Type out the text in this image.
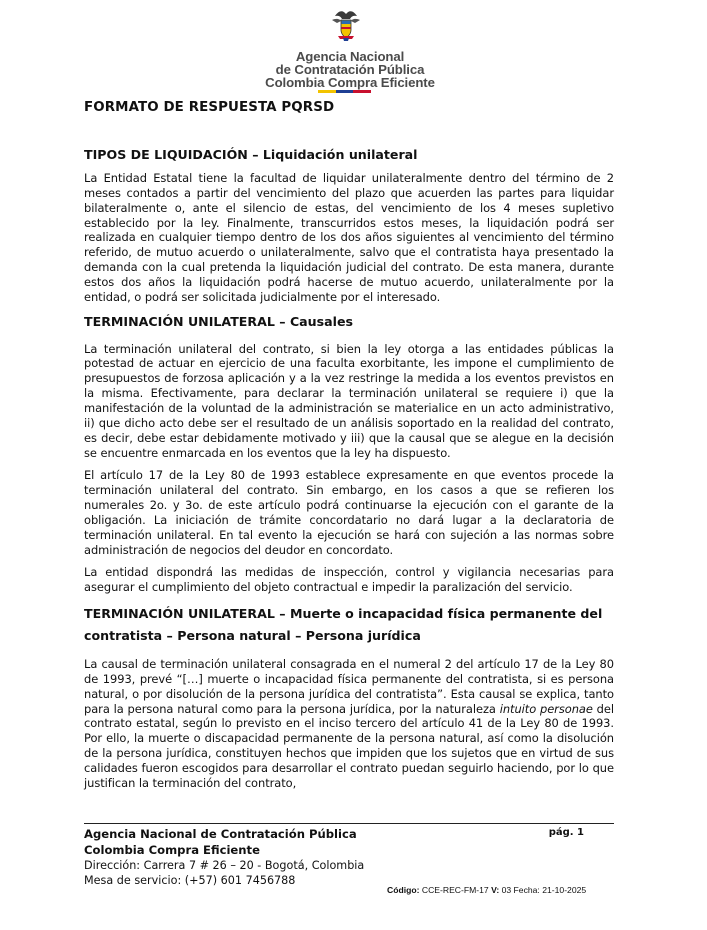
Agencia Nacional
de Contratación Pública
Colombia Compra Eficiente
FORMATO DE RESPUESTA PQRSD
TIPOS DE LIQUIDACIÓN – Liquidación unilateral

La Entidad Estatal tiene la facultad de liquidar unilateralmente dentro del término de 2 meses contados a partir del vencimiento del plazo que acuerden las partes para liquidar bilateralmente o, ante el silencio de estas, del vencimiento de los 4 meses supletivo establecido por la ley. Finalmente, transcurridos estos meses, la liquidación podrá ser realizada en cualquier tiempo dentro de los dos años siguientes al vencimiento del término referido, de mutuo acuerdo o unilateralmente, salvo que el contratista haya presentado la demanda con la cual pretenda la liquidación judicial del contrato. De esta manera, durante estos dos años la liquidación podrá hacerse de mutuo acuerdo, unilateralmente por la entidad, o podrá ser solicitada judicialmente por el interesado.

TERMINACIÓN UNILATERAL – Causales

La terminación unilateral del contrato, si bien la ley otorga a las entidades públicas la potestad de actuar en ejercicio de una faculta exorbitante, les impone el cumplimiento de presupuestos de forzosa aplicación y a la vez restringe la medida a los eventos previstos en la misma. Efectivamente, para declarar la terminación unilateral se requiere i) que la manifestación de la voluntad de la administración se materialice en un acto administrativo, ii) que dicho acto debe ser el resultado de un análisis soportado en la realidad del contrato, es decir, debe estar debidamente motivado y iii) que la causal que se alegue en la decisión se encuentre enmarcada en los eventos que la ley ha dispuesto.

El artículo 17 de la Ley 80 de 1993 establece expresamente en que eventos procede la terminación unilateral del contrato. Sin embargo, en los casos a que se refieren los numerales 2o. y 3o. de este artículo podrá continuarse la ejecución con el garante de la obligación. La iniciación de trámite concordatario no dará lugar a la declaratoria de terminación unilateral. En tal evento la ejecución se hará con sujeción a las normas sobre administración de negocios del deudor en concordato.

La entidad dispondrá las medidas de inspección, control y vigilancia necesarias para asegurar el cumplimiento del objeto contractual e impedir la paralización del servicio.

TERMINACIÓN UNILATERAL – Muerte o incapacidad física permanente del contratista – Persona natural – Persona jurídica

La causal de terminación unilateral consagrada en el numeral 2 del artículo 17 de la Ley 80 de 1993, prevé “[…] muerte o incapacidad física permanente del contratista, si es persona natural, o por disolución de la persona jurídica del contratista”. Esta causal se explica, tanto para la persona natural como para la persona jurídica, por la naturaleza intuito personae del contrato estatal, según lo previsto en el inciso tercero del artículo 41 de la Ley 80 de 1993. Por ello, la muerte o discapacidad permanente de la persona natural, así como la disolución de la persona jurídica, constituyen hechos que impiden que los sujetos que en virtud de sus calidades fueron escogidos para desarrollar el contrato puedan seguirlo haciendo, por lo que justifican la terminación del contrato,

Agencia Nacional de Contratación Pública
Colombia Compra Eficiente
Dirección: Carrera 7 # 26 – 20 - Bogotá, Colombia
Mesa de servicio: (+57) 601 7456788
pág. 1
Código: CCE-REC-FM-17 V: 03 Fecha: 21-10-2025
